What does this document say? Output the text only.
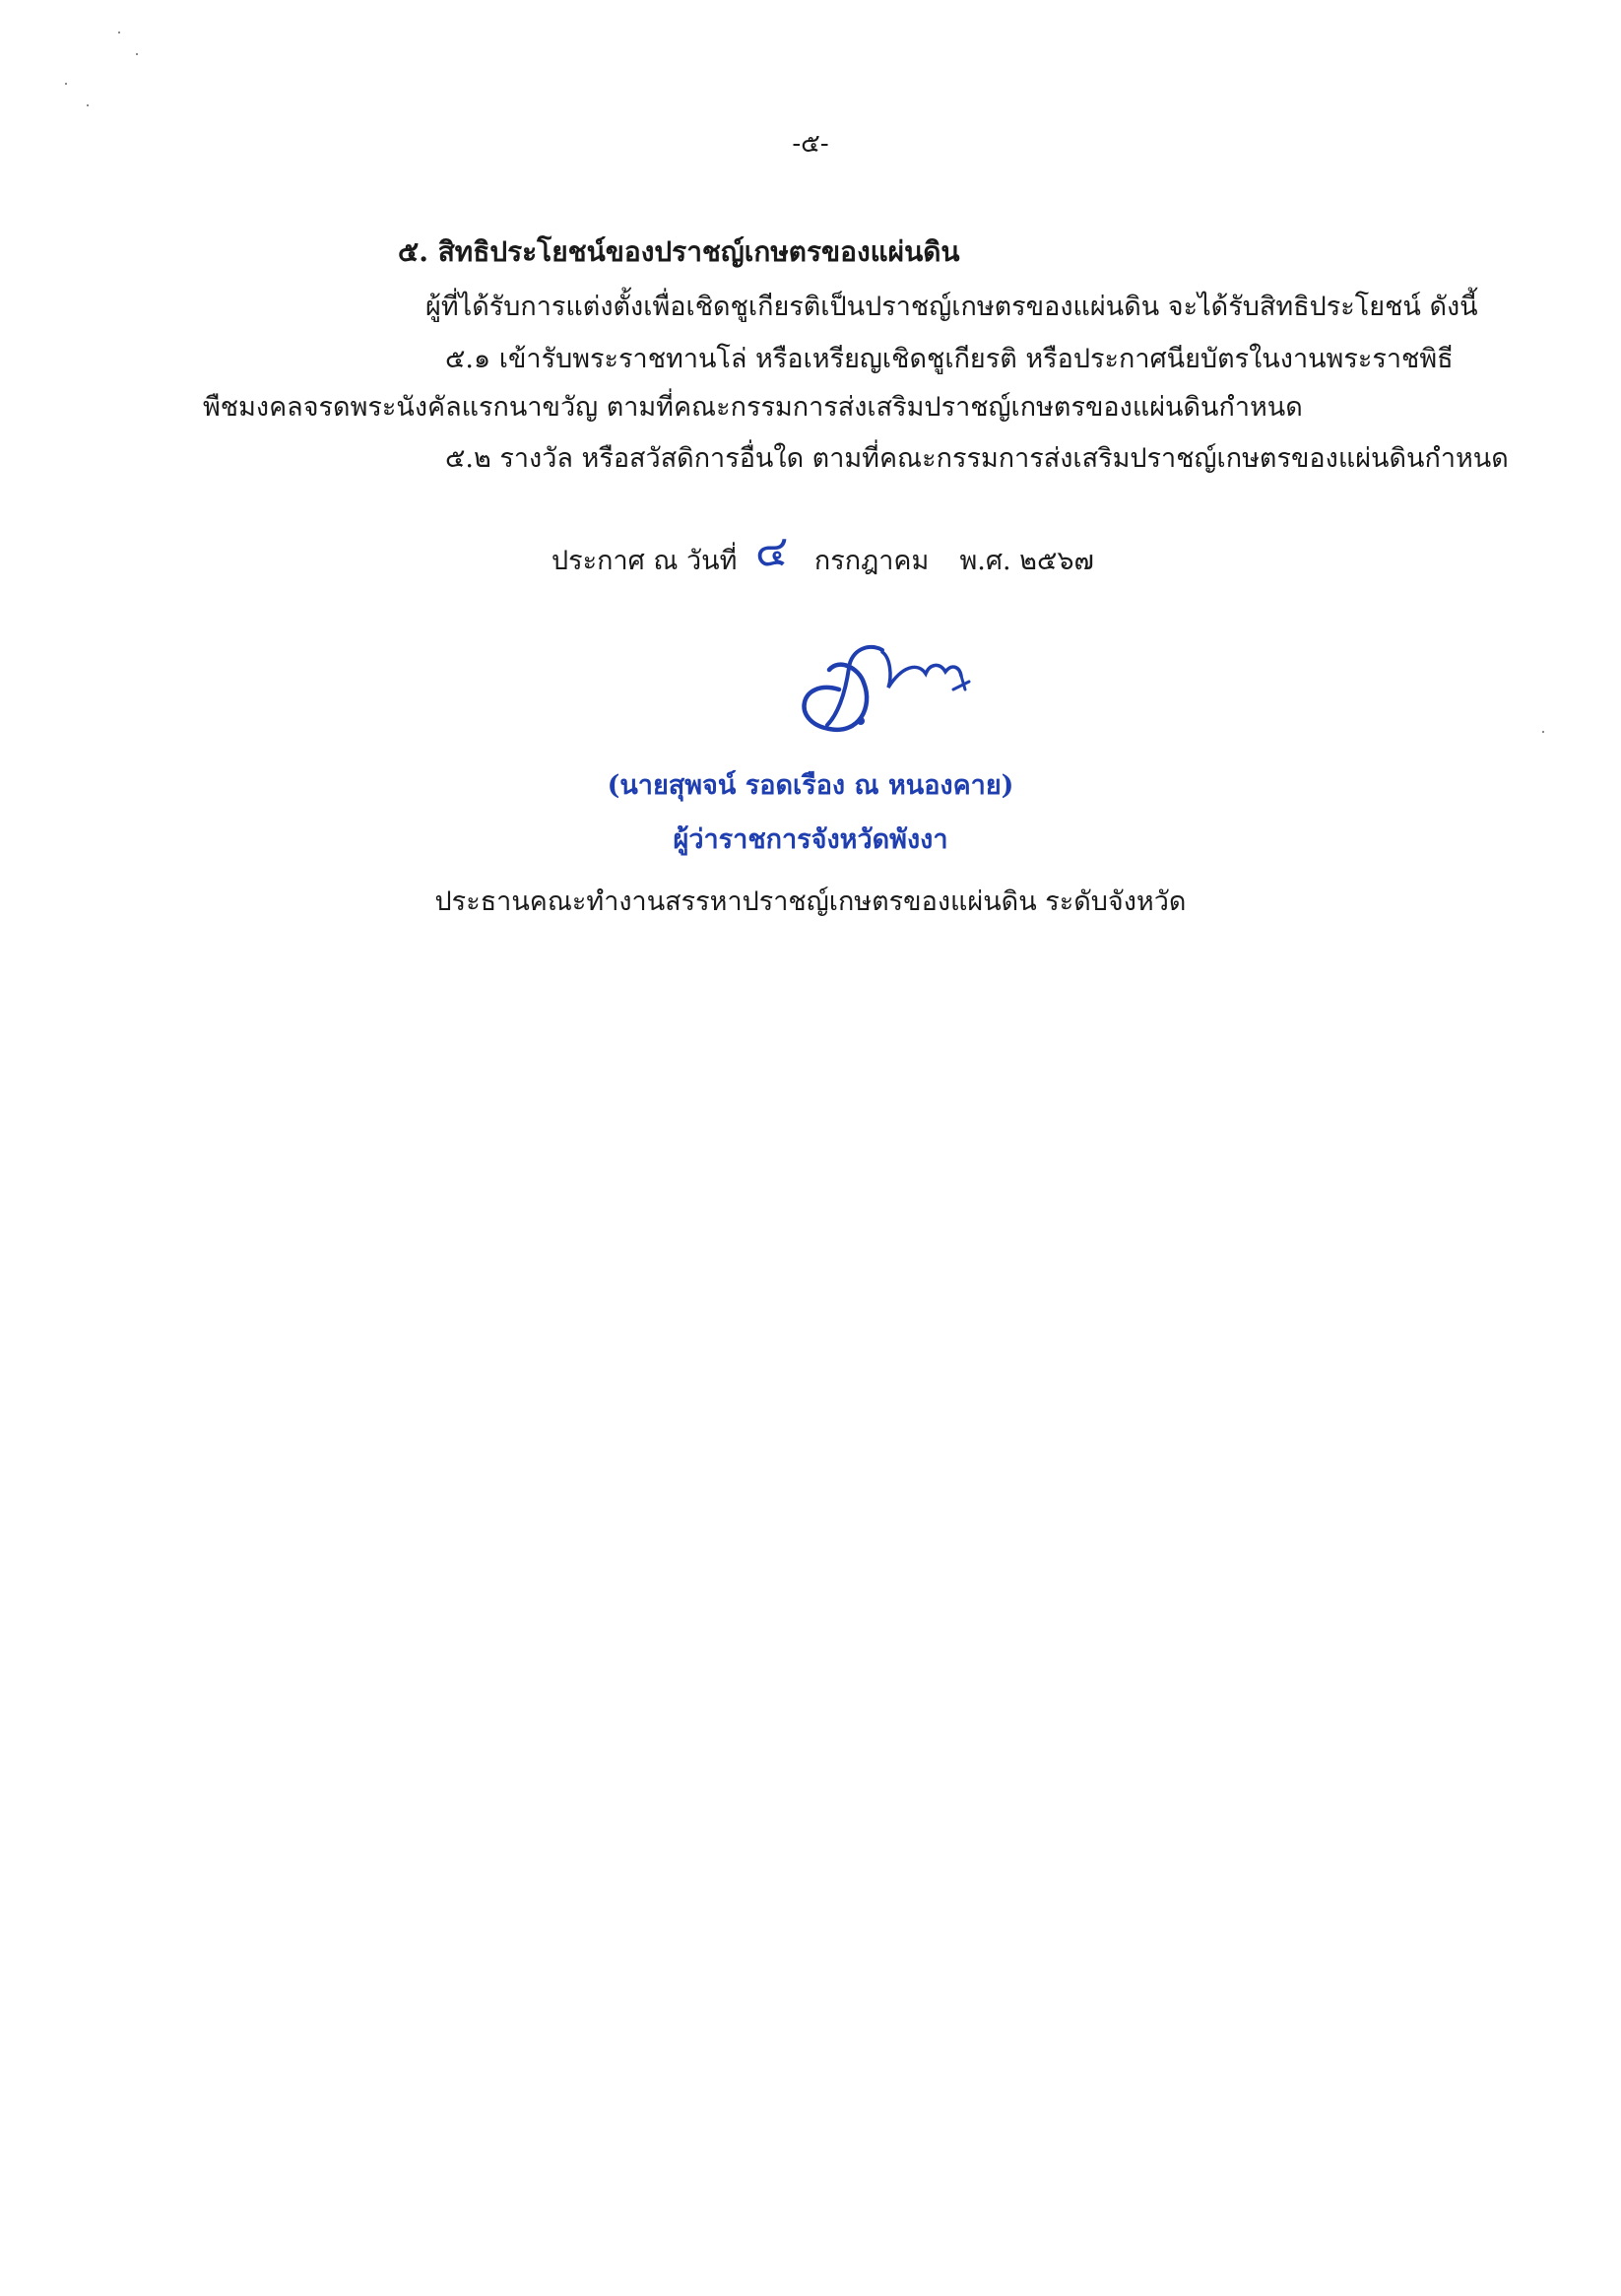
-๕-
๕. สิทธิประโยชน์ของปราชญ์เกษตรของแผ่นดิน
ผู้ที่ได้รับการแต่งตั้งเพื่อเชิดชูเกียรติเป็นปราชญ์เกษตรของแผ่นดิน จะได้รับสิทธิประโยชน์ ดังนี้
๕.๑ เข้ารับพระราชทานโล่ หรือเหรียญเชิดชูเกียรติ หรือประกาศนียบัตรในงานพระราชพิธี
พืชมงคลจรดพระนังคัลแรกนาขวัญ ตามที่คณะกรรมการส่งเสริมปราชญ์เกษตรของแผ่นดินกำหนด
๕.๒ รางวัล หรือสวัสดิการอื่นใด ตามที่คณะกรรมการส่งเสริมปราชญ์เกษตรของแผ่นดินกำหนด
ประกาศ ณ วันที่ ๔ กรกฎาคม พ.ศ. ๒๕๖๗
(นายสุพจน์ รอดเรือง ณ หนองคาย)
ผู้ว่าราชการจังหวัดพังงา
ประธานคณะทำงานสรรหาปราชญ์เกษตรของแผ่นดิน ระดับจังหวัด
